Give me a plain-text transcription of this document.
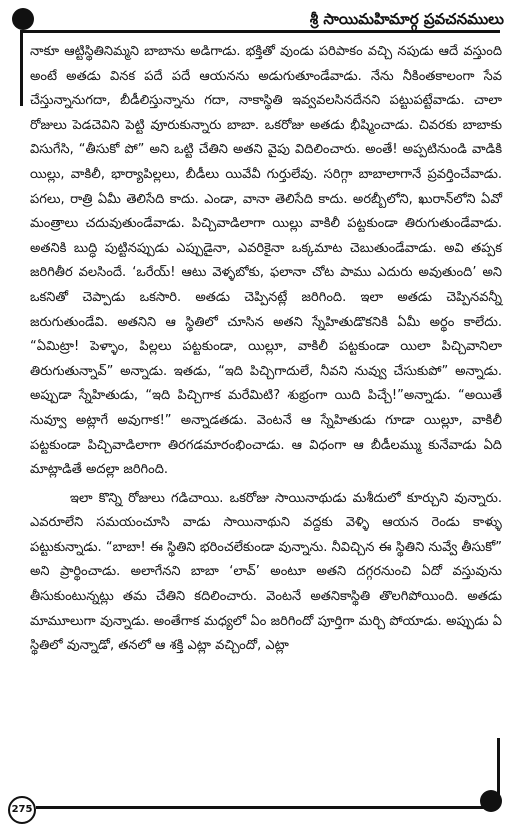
శ్రీ సాయిమహిమార్గ ప్రవచనములు

నాకూ ఆట్టిస్థితినిమ్మని బాబాను అడిగాడు. భక్తితో వుండు పరిపాకం వచ్చి నపుడు ఆదే వస్తుంది అంటే అతడు వినక పదే పదే ఆయనను అడుగుతూండేవాడు. నేను నీకింతకాలంగా సేవ చేస్తున్నానుగదా, బీడీలిస్తున్నాను గదా, నాకాస్థితి ఇవ్వవలసినదేనని పట్టుపట్టేవాడు. చాలా రోజులు పెడచెవిని పెట్టి వూరుకున్నారు బాబా. ఒకరోజు అతడు భీష్మించాడు. చివరకు బాబాకు విసుగేసి, “తీసుకో పో” అని ఒట్టి చేతిని అతని వైపు విదిలించారు. అంతే! అప్పటినుండి వాడికి యిల్లు, వాకిలీ, భార్యాపిల్లలు, బీడీలు యివేవీ గుర్తులేవు. సరిగ్గా బాబాలాగానే ప్రవర్తించేవాడు. పగలు, రాత్రి ఏమీ తెలిసేది కాదు. ఎండా, వానా తెలిసేది కాదు. అరబ్బీలోని, ఖురాన్‌లోని ఏవో మంత్రాలు చదువుతుండేవాడు. పిచ్చివాడిలాగా యిల్లు వాకిలీ పట్టకుండా తిరుగుతుండేవాడు. అతనికి బుద్ధి పుట్టినప్పుడు ఎప్పుడైనా, ఎవరికైనా ఒక్కమాట చెబుతుండేవాడు. అవి తప్పక జరిగితీర వలసిందే. ‘ఒరేయ్! ఆటు వెళ్ళబోకు, ఫలానా చోట పాము ఎదురు అవుతుంది’ అని ఒకనితో చెప్పాడు ఒకసారి. అతడు చెప్పినట్లే జరిగింది. ఇలా అతడు చెప్పినవన్నీ జరుగుతుండేవి. అతనిని ఆ స్థితిలో చూసిన అతని స్నేహితుడొకనికి ఏమీ అర్థం కాలేదు. “ఏమిట్రా! పెళ్ళాం, పిల్లలు పట్టకుండా, యిల్లూ, వాకిలీ పట్టకుండా యిలా పిచ్చివానిలా తిరుగుతున్నావ్” అన్నాడు. ఇతడు, “ఇది పిచ్చిగాదులే, నీవని నువ్వు చేసుకుపో” అన్నాడు. అప్పుడా స్నేహితుడు, “ఇది పిచ్చిగాక మరేమిటి? శుభ్రంగా యిది పిచ్చే!”అన్నాడు. “అయితే నువ్వూ అట్లాగే అవుగాక!” అన్నాడతడు. వెంటనే ఆ స్నేహితుడు గూడా యిల్లూ, వాకిలీ పట్టకుండా పిచ్చివాడిలాగా తిరగడమారంభించాడు. ఆ విధంగా ఆ బీడీలమ్ము కునేవాడు ఏది మాట్లాడితే అదల్లా జరిగింది.

ఇలా కొన్ని రోజులు గడిచాయి. ఒకరోజు సాయినాథుడు మశీదులో కూర్చుని వున్నారు. ఎవరూలేని సమయంచూసి వాడు సాయినాథుని వద్దకు వెళ్ళి ఆయన రెండు కాళ్ళు పట్టుకున్నాడు. “బాబా! ఈ స్థితిని భరించలేకుండా వున్నాను. నీవిచ్చిన ఈ స్థితిని నువ్వే తీసుకో” అని ప్రార్థించాడు. అలాగేనని బాబా ‘లావ్’ అంటూ అతని దగ్గరనుంచి ఏదో వస్తువును తీసుకుంటున్నట్లు తమ చేతిని కదిలించారు. వెంటనే అతనికాస్థితి తొలగిపోయింది. అతడు మామూలుగా వున్నాడు. అంతేగాక మధ్యలో ఏం జరిగిందో పూర్తిగా మర్చి పోయాడు. అప్పుడు ఏ స్థితిలో వున్నాడో, తనలో ఆ శక్తి ఎట్లా వచ్చిందో, ఎట్లా

275
